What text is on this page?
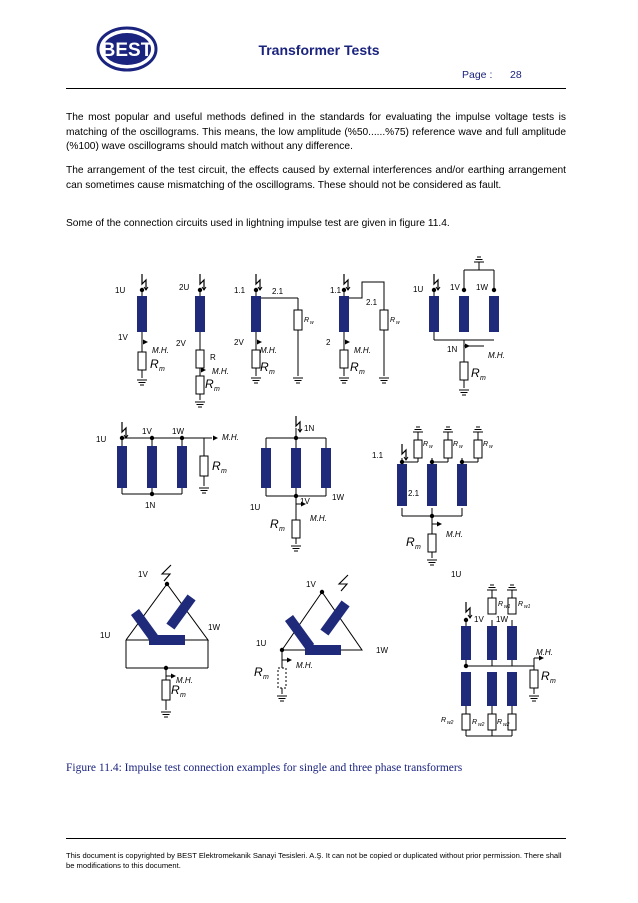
BEST	Transformer Tests
Page : 28
The most popular and useful methods defined in the standards for evaluating the impulse voltage tests is matching of the oscillograms. This means, the low amplitude (%50......%75) reference wave and full amplitude (%100) wave oscillograms should match without any difference.
The arrangement of the test circuit, the effects caused by external interferences and/or earthing arrangement can sometimes cause mismatching of the oscillograms. These should not be considered as fault.
Some of the connection circuits used in lightning impulse test are given in figure 11.4.
1U
1V
M.H.
R m
2U
2V
R
M.H.
R m
1.1	2.1
2V
R w
M.H.
R m
1.1
2.1
2
R w
M.H.
R m
1U	1V 1W
1N
M.H.
R m
1U
1V	1W
M.H.
R m
1N
1N
1U
1V	1W
M.H.
R m
1.1
2.1
R w	R w	R w
M.H.
R m
1V
1U
1W
M.H.
R m
1V
1U
1W
M.H.
R m
1U
1V 1W
R w1 R w1
M.H.
R m
R w2	R w2 R w2
Figure 11.4: Impulse test connection examples for single and three phase transformers
This document is copyrighted by BEST Elektromekanik Sanayi Tesisleri. A.Ş. It can not be copied or duplicated without prior permission. There shall be modifications to this document.
